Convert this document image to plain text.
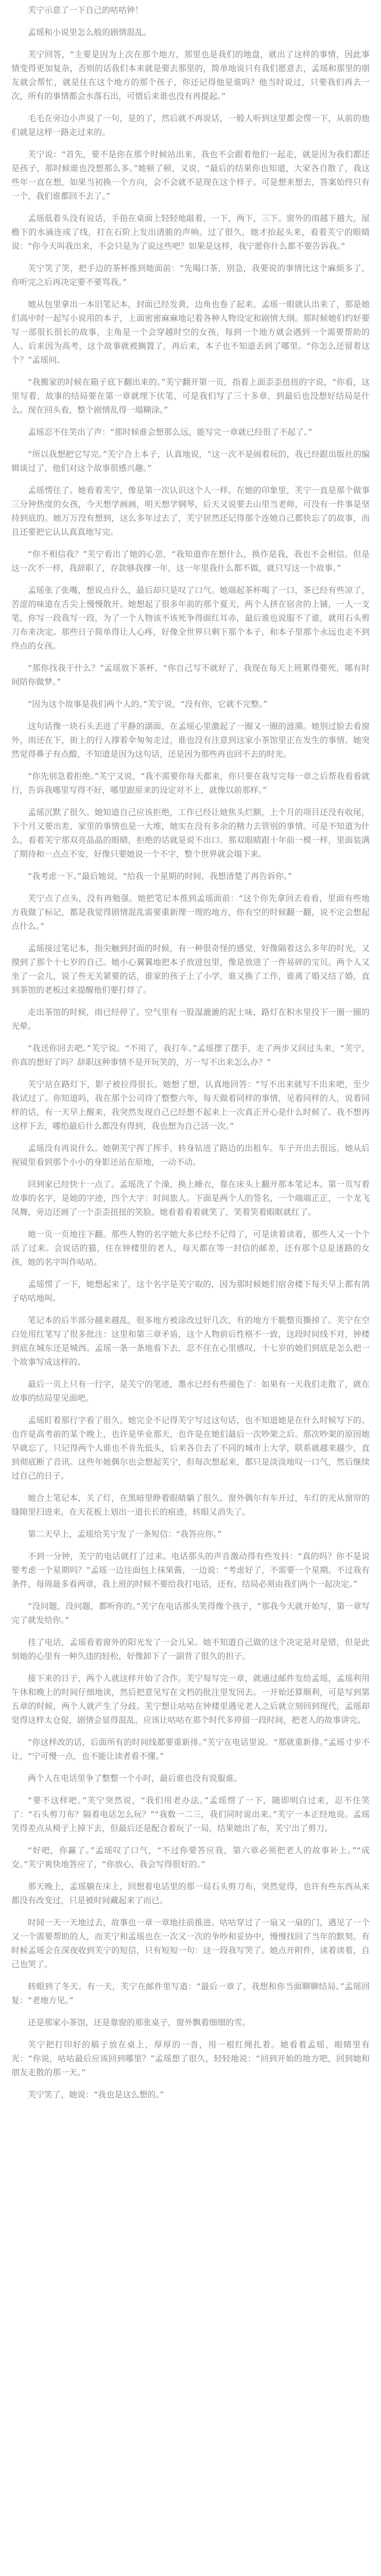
芙宁示意了一下自己的咕咕钟！

孟瑶和小说里怎么般的剧情混乱。

芙宁回答，“主要是因为上次在那个地方，那里也是我们的地盘，就出了这样的事情，因此事情变得更加复杂，否则的话我们本来就是要去那里的，简单地说只有我们愿意去，孟瑶和那里的朋友就会帮忙，就是住在这个地方的那个孩子，你还记得他是谁吗？他当时说过，只要我们再去一次，所有的事情都会水落石出，可惜后来谁也没有再提起。”

毛毛在旁边小声说了一句，是的了，然后就不再说话，一般人听到这里都会愣一下，从前的他们就是这样一路走过来的。

芙宁说：“首先，要不是你在那个时候站出来，我也不会跟着他们一起走，就是因为我们都还是孩子，那时候谁也没想那么多。”她顿了顿，又说，“最后的结果你也知道，大家各自散了，我这些年一直在想，如果当初换一个方向，会不会就不是现在这个样子。可是想来想去，答案始终只有一个，我们谁都回不去了。”

孟瑶低着头没有说话，手指在桌面上轻轻地敲着，一下，两下，三下。窗外的雨越下越大，屋檐下的水滴连成了线，打在石阶上发出清脆的声响。过了很久，她才抬起头来，看着芙宁的眼睛说：“你今天叫我出来，不会只是为了说这些吧？如果是这样，我宁愿你什么都不要告诉我。”

芙宁笑了笑，把手边的茶杯推到她面前：“先喝口茶，别急，我要说的事情比这个麻烦多了，你听完之后再决定要不要骂我。”

她从包里拿出一本旧笔记本，封面已经发黄，边角也卷了起来。孟瑶一眼就认出来了，那是她们高中时一起写小说用的本子，上面密密麻麻地记着各种人物设定和剧情大纲。那时候她们约好要写一部很长很长的故事，主角是一个会穿越时空的女孩，每到一个地方就会遇到一个需要帮助的人。后来因为高考，这个故事就被搁置了，再后来，本子也不知道丢到了哪里。“你怎么还留着这个？”孟瑶问。

“我搬家的时候在箱子底下翻出来的。”芙宁翻开第一页，指着上面歪歪扭扭的字说，“你看，这里写着，故事的结局要在第一章就埋下伏笔，可是我们写了三十多章，到最后也没想好结局是什么。现在回头看，整个剧情乱得一塌糊涂。”

孟瑶忍不住笑出了声：“那时候谁会想那么远，能写完一章就已经很了不起了。”

“所以我想把它写完。”芙宁合上本子，认真地说，“这一次不是闹着玩的，我已经跟出版社的编辑谈过了，他们对这个故事很感兴趣。”

孟瑶愣住了。她看着芙宁，像是第一次认识这个人一样。在她的印象里，芙宁一直是那个做事三分钟热度的女孩，今天想学画画，明天想学钢琴，后天又说要去山里当老师，可没有一件事是坚持到底的。她万万没有想到，这么多年过去了，芙宁居然还记得那个连她自己都快忘了的故事，而且还要把它认认真真地写完。

“你不相信我？”芙宁看出了她的心思，“我知道你在想什么，换作是我，我也不会相信。但是这一次不一样，我辞职了，存款够我撑一年，这一年里我什么都不做，就只写这一个故事。”

孟瑶张了张嘴，想说点什么，最后却只是叹了口气。她端起茶杯喝了一口，茶已经有些凉了，苦涩的味道在舌尖上慢慢散开。她想起了很多年前的那个夏天，两个人挤在宿舍的上铺，一人一支笔，你写一段我写一段，为了一个人物该不该死争得面红耳赤，最后谁也说服不了谁，就用石头剪刀布来决定。那些日子简单得让人心疼，好像全世界只剩下那个本子，和本子里那个永远也走不到终点的女孩。

“那你找我干什么？”孟瑶放下茶杯，“你自己写不就好了，我现在每天上班累得要死，哪有时间陪你做梦。”

“因为这个故事是我们两个人的。”芙宁说，“没有你，它就不完整。”

这句话像一块石头丢进了平静的湖面，在孟瑶心里激起了一圈又一圈的涟漪。她别过脸去看窗外，雨还在下，街上的行人撑着伞匆匆走过，谁也没有注意到这家小茶馆里正在发生的事情。她突然觉得鼻子有点酸，不知道是因为这句话，还是因为那些再也回不去的时光。

“你先别急着拒绝。”芙宁又说，“我不需要你每天都来，你只要在我写完每一章之后帮我看看就行，告诉我哪里写得不好，哪里跟原来的设定对不上，就像以前那样。”

孟瑶沉默了很久。她知道自己应该拒绝，工作已经让她焦头烂额，上个月的项目还没有收尾，下个月又要出差，家里的事情也是一大堆，她实在没有多余的精力去管别的事情。可是不知道为什么，看着芙宁那双亮晶晶的眼睛，拒绝的话就是说不出口。那双眼睛跟十年前一模一样，里面装满了期待和一点点不安，好像只要她说一个不字，整个世界就会塌下来。

“我考虑一下。”最后她说，“给我一个星期的时间，我想清楚了再告诉你。”

芙宁点了点头，没有再勉强。她把笔记本推到孟瑶面前：“这个你先拿回去看看，里面有些地方我做了标记，都是我觉得剧情混乱需要重新理一理的地方，你有空的时候翻一翻，说不定会想起点什么。”

孟瑶接过笔记本，指尖触到封面的时候，有一种很奇怪的感觉，好像隔着这么多年的时光，又摸到了那个十七岁的自己。她小心翼翼地把本子放进包里，像是放进了一件易碎的宝贝。两个人又坐了一会儿，说了些无关紧要的话，谁家的孩子上了小学，谁又换了工作，谁离了婚又结了婚，直到茶馆的老板过来提醒他们要打烊了。

走出茶馆的时候，雨已经停了。空气里有一股湿漉漉的泥土味，路灯在积水里投下一圈一圈的光晕。

“我送你回去吧。”芙宁说。“不用了，我打车。”孟瑶摆了摆手，走了两步又回过头来，“芙宁，你真的想好了吗？辞职这种事情不是开玩笑的，万一写不出来怎么办？”

芙宁站在路灯下，影子被拉得很长。她想了想，认真地回答：“写不出来就写不出来吧，至少我试过了。你知道吗，我在那个公司待了整整六年，每天做着同样的事情，见着同样的人，说着同样的话，有一天早上醒来，我突然发现自己已经想不起来上一次真正开心是什么时候了。我不想再这样下去，哪怕最后什么都没有得到，我也想为自己活一次。”

孟瑶没有再说什么。她朝芙宁挥了挥手，转身钻进了路边的出租车。车子开出去很远，她从后视镜里看到那个小小的身影还站在原地，一动不动。

回到家已经快十一点了。孟瑶洗了个澡，换上睡衣，靠在床头上翻开那本笔记本。第一页写着故事的名字，是她的字迹，四个大字：时间旅人。下面是两个人的签名，一个端端正正，一个龙飞凤舞，旁边还画了一个歪歪扭扭的笑脸。她看着看着就笑了，笑着笑着眼眶就红了。

她一页一页地往下翻。那些人物的名字她大多已经不记得了，可是读着读着，那些人又一个个活了过来。会说话的猫，住在钟楼里的老人，每天都在等一封信的邮差，还有那个总是迷路的女孩，她的名字叫作咕咕。

孟瑶愣了一下，她想起来了，这个名字是芙宁取的，因为那时候她们宿舍楼下每天早上都有鸽子咕咕地叫。

笔记本的后半部分越来越乱，很多地方被涂改过好几次，有的地方干脆整页撕掉了。芙宁在空白处用红笔写了很多批注：这里和第三章矛盾，这个人物前后性格不一致，这段时间线不对，钟楼到底在城东还是城西。孟瑶一条一条地看下去，忍不住在心里感叹，十七岁的她们到底是怎么把一个故事写成这样的。

最后一页上只有一行字，是芙宁的笔迹，墨水已经有些褪色了：如果有一天我们走散了，就在故事的结局里见面吧。

孟瑶盯着那行字看了很久。她完全不记得芙宁写过这句话，也不知道她是在什么时候写下的。也许是高考前的某个晚上，也许是毕业那天，也许是在她们最后一次吵架之后。那次吵架的原因她早就忘了，只记得两个人谁也不肯先低头，后来各自去了不同的城市上大学，联系就越来越少，直到彻底断了音讯。这些年她偶尔也会想起芙宁，但每次想起来，都只是淡淡地叹一口气，然后继续过自己的日子。

她合上笔记本，关了灯，在黑暗里睁着眼睛躺了很久。窗外偶尔有车开过，车灯的光从窗帘的缝隙里扫进来，在天花板上划出一道长长的痕迹，转眼又消失了。

第二天早上，孟瑶给芙宁发了一条短信：“我答应你。”

不到一分钟，芙宁的电话就打了过来。电话那头的声音激动得有些发抖：“真的吗？你不是说要考虑一个星期吗？”孟瑶一边往面包上抹果酱，一边说：“考虑好了，不需要一个星期。不过我有条件，每周最多看两章，我上班的时候不要给我打电话，还有，结局必须由我们两个一起决定。”

“没问题，没问题，都听你的。”芙宁在电话那头笑得像个孩子，“那我今天就开始写，第一章写完了就发给你。”

挂了电话，孟瑶看着窗外的阳光发了一会儿呆。她不知道自己做的这个决定是对是错，但是此刻她的心里有一种久违的轻松，好像卸下了一副背了很久的担子。

接下来的日子，两个人就这样开始了合作。芙宁每写完一章，就通过邮件发给孟瑶，孟瑶利用午休和晚上的时间仔细地读，然后把意见写在文档的批注里发回去。一开始还算顺利，可是写到第五章的时候，两个人就产生了分歧。芙宁想让咕咕在钟楼里遇见老人之后就立刻回到现代，孟瑶却觉得这样太仓促，剧情会显得混乱，应该让咕咕在那个时代多停留一段时间，把老人的故事讲完。

“你这样改的话，后面所有的时间线都要重新排。”芙宁在电话里说。“那就重新排。”孟瑶寸步不让，“宁可慢一点，也不能让读者看不懂。”

两个人在电话里争了整整一个小时，最后谁也没有说服谁。

“要不这样吧。”芙宁突然说，“我们用老办法。”孟瑶愣了一下，随即明白过来，忍不住笑了：“石头剪刀布？隔着电话怎么玩？”“我数一二三，我们同时说出来。”芙宁一本正经地说。孟瑶笑得差点从椅子上掉下去，但最后还是配合着玩了一局，结果她出了布，芙宁出了剪刀。

“好吧，你赢了。”孟瑶叹了口气，“不过你要答应我，第六章必须把老人的故事补上。”“成交。”芙宁爽快地答应了，“你放心，我会写得很好的。”

那天晚上，孟瑶躺在床上，回想着电话里的那一局石头剪刀布，突然觉得，也许有些东西从来都没有改变过，只是被时间藏起来了而已。

时间一天一天地过去，故事也一章一章地往前推进。咕咕穿过了一扇又一扇的门，遇见了一个又一个需要帮助的人，而芙宁和孟瑶也在一次又一次的争吵和妥协中，慢慢找回了当年的默契。有时候孟瑶会在深夜收到芙宁的短信，只有短短一句：这一段我写哭了。她点开附件，读着读着，自己也哭了。

转眼到了冬天。有一天，芙宁在邮件里写道：“最后一章了，我想和你当面聊聊结局。”孟瑶回复：“老地方见。”

还是那家小茶馆，还是靠窗的那张桌子，窗外飘着细细的雪。

芙宁把打印好的稿子放在桌上，厚厚的一沓，用一根红绳扎着。她看着孟瑶，眼睛里有光：“你说，咕咕最后应该回到哪里？”孟瑶想了很久，轻轻地说：“回到开始的地方吧，回到她和朋友走散的那一天。”

芙宁笑了，她说：“我也是这么想的。”
